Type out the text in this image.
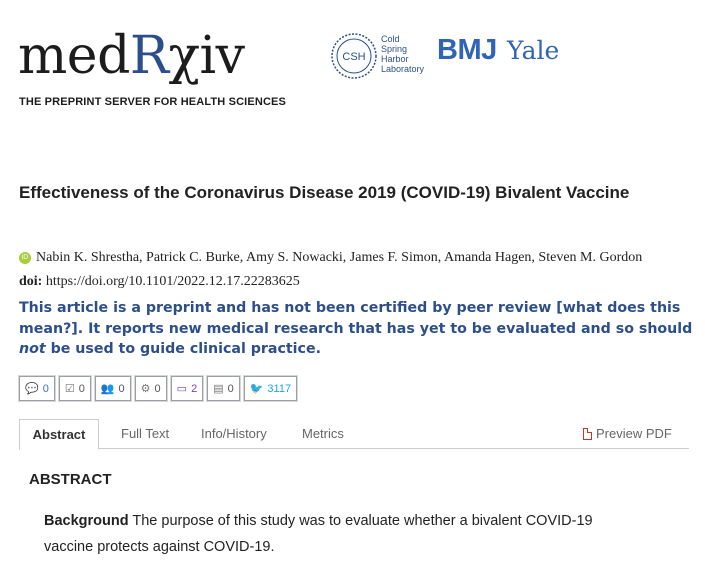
medRχiv
THE PREPRINT SERVER FOR HEALTH SCIENCES
CSH
Cold
Spring
Harbor
Laboratory
BMJ Yale
Effectiveness of the Coronavirus Disease 2019 (COVID-19) Bivalent Vaccine
iD Nabin K. Shrestha, Patrick C. Burke, Amy S. Nowacki, James F. Simon, Amanda Hagen, Steven M. Gordon
doi: https://doi.org/10.1101/2022.12.17.22283625
This article is a preprint and has not been certified by peer review [what does this mean?]. It reports new medical research that has yet to be evaluated and so should not be used to guide clinical practice.
💬 0 ☑ 0 👥 0 ⚙ 0 ▭ 2 ▤ 0 🐦 3117
Abstract	Full Text Info/History	Metrics	Preview PDF
ABSTRACT
Background The purpose of this study was to evaluate whether a bivalent COVID-19 vaccine protects against COVID-19.
